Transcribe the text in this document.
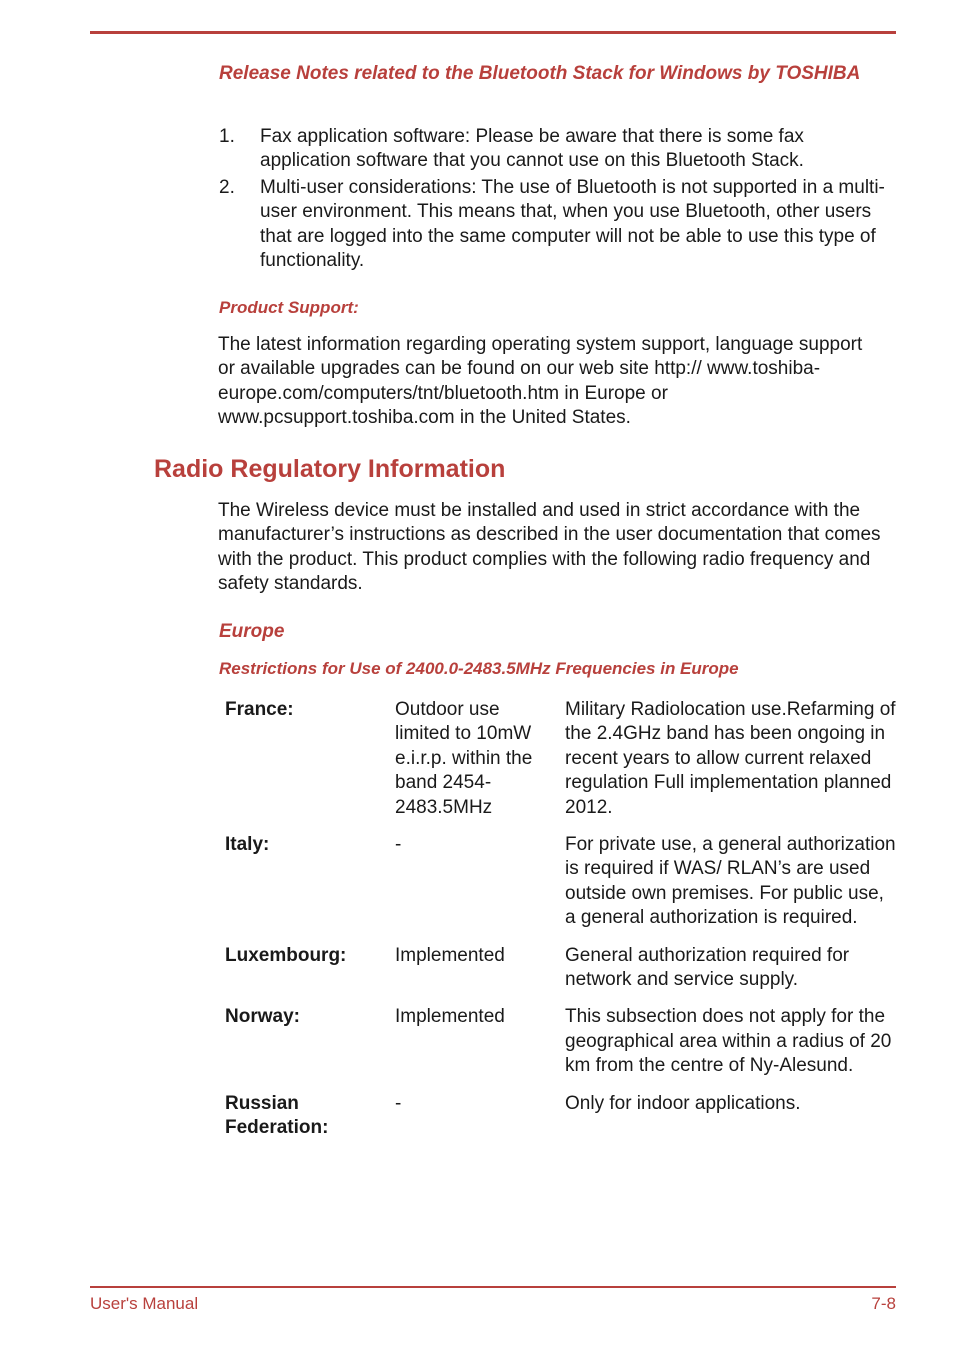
Release Notes related to the Bluetooth Stack for Windows by TOSHIBA
1. Fax application software: Please be aware that there is some fax application software that you cannot use on this Bluetooth Stack.
2. Multi-user considerations: The use of Bluetooth is not supported in a multi-user environment. This means that, when you use Bluetooth, other users that are logged into the same computer will not be able to use this type of functionality.
Product Support:

The latest information regarding operating system support, language support or available upgrades can be found on our web site http:// www.toshiba-europe.com/computers/tnt/bluetooth.htm in Europe or www.pcsupport.toshiba.com in the United States.

Radio Regulatory Information

The Wireless device must be installed and used in strict accordance with the manufacturer’s instructions as described in the user documentation that comes with the product. This product complies with the following radio frequency and safety standards.

Europe
Restrictions for Use of 2400.0-2483.5MHz Frequencies in Europe
France:	Outdoor use limited to 10mW e.i.r.p. within the band 2454-2483.5MHz	Military Radiolocation use.Refarming of the 2.4GHz band has been ongoing in recent years to allow current relaxed regulation Full implementation planned 2012.
Italy:	-	For private use, a general authorization is required if WAS/ RLAN’s are used outside own premises. For public use, a general authorization is required.
Luxembourg:	Implemented	General authorization required for network and service supply.
Norway:	Implemented	This subsection does not apply for the geographical area within a radius of 20 km from the centre of Ny-Alesund.
Russian Federation:	-	Only for indoor applications.
User's Manual	7-8
